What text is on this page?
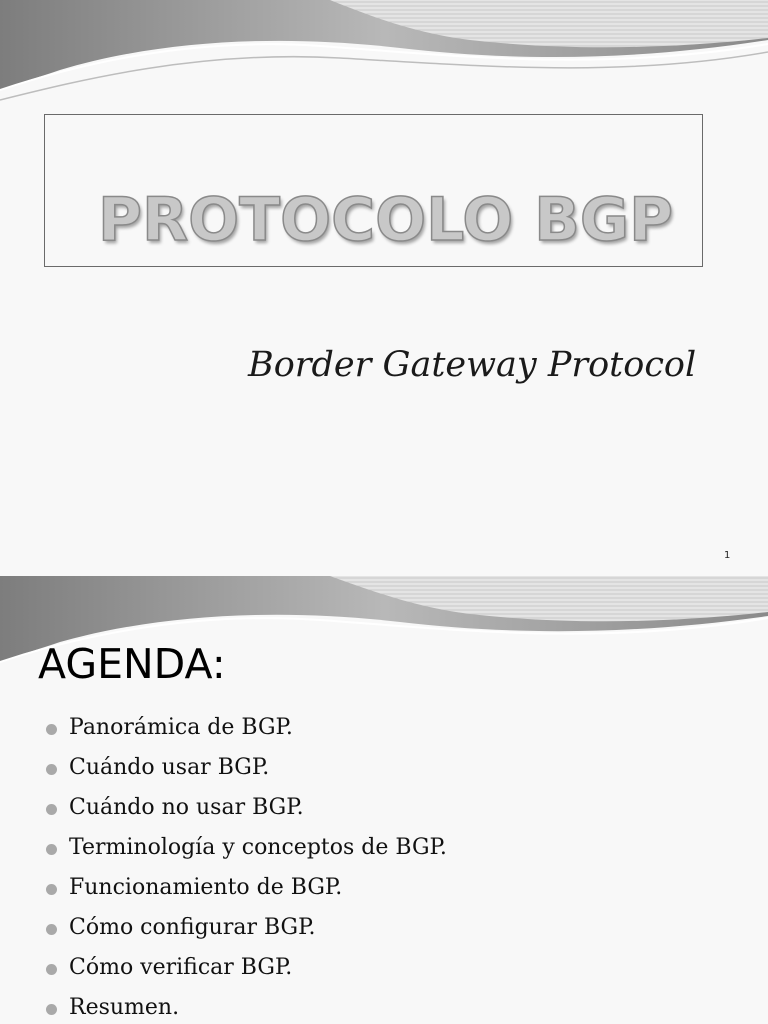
PROTOCOLO BGP
Border Gateway Protocol
1
AGENDA:
Panorámica de BGP.
Cuándo usar BGP.
Cuándo no usar BGP.
Terminología y conceptos de BGP.
Funcionamiento de BGP.
Cómo configurar BGP.
Cómo verificar BGP.
Resumen.
